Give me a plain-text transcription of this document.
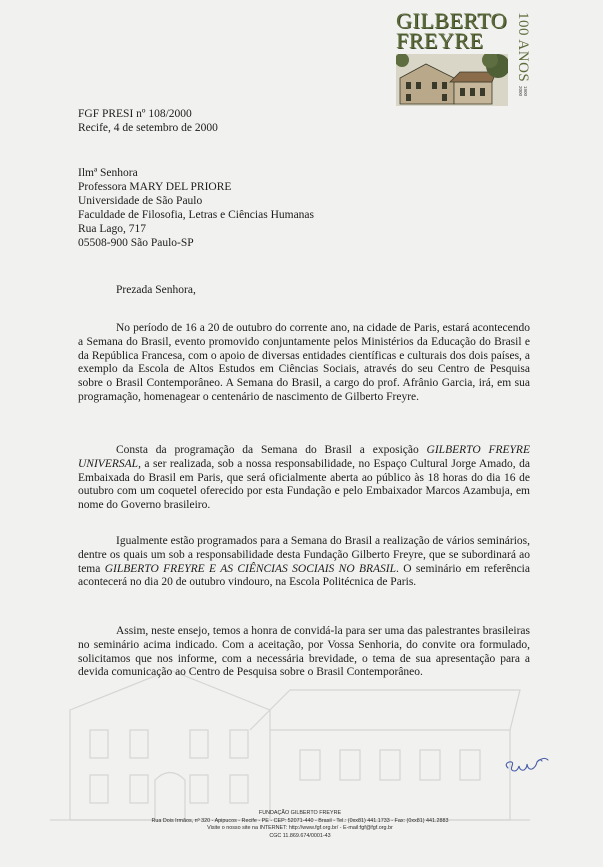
GILBERTO
FREYRE	100 ANOS
1900 2000
FGF PRESI nº 108/2000
Recife, 4 de setembro de 2000
Ilmª Senhora
Professora MARY DEL PRIORE
Universidade de São Paulo
Faculdade de Filosofia, Letras e Ciências Humanas
Rua Lago, 717
05508-900 São Paulo-SP
Prezada Senhora,
No período de 16 a 20 de outubro do corrente ano, na cidade de Paris, estará acontecendo a Semana do Brasil, evento promovido conjuntamente pelos Ministérios da Educação do Brasil e da República Francesa, com o apoio de diversas entidades científicas e culturais dos dois países, a exemplo da Escola de Altos Estudos em Ciências Sociais, através do seu Centro de Pesquisa sobre o Brasil Contemporâneo. A Semana do Brasil, a cargo do prof. Afrânio Garcia, irá, em sua programação, homenagear o centenário de nascimento de Gilberto Freyre.
Consta da programação da Semana do Brasil a exposição GILBERTO FREYRE UNIVERSAL, a ser realizada, sob a nossa responsabilidade, no Espaço Cultural Jorge Amado, da Embaixada do Brasil em Paris, que será oficialmente aberta ao público às 18 horas do dia 16 de outubro com um coquetel oferecido por esta Fundação e pelo Embaixador Marcos Azambuja, em nome do Governo brasileiro.
Igualmente estão programados para a Semana do Brasil a realização de vários seminários, dentre os quais um sob a responsabilidade desta Fundação Gilberto Freyre, que se subordinará ao tema GILBERTO FREYRE E AS CIÊNCIAS SOCIAIS NO BRASIL. O seminário em referência acontecerá no dia 20 de outubro vindouro, na Escola Politécnica de Paris.
Assim, neste ensejo, temos a honra de convidá-la para ser uma das palestrantes brasileiras no seminário acima indicado. Com a aceitação, por Vossa Senhoria, do convite ora formulado, solicitamos que nos informe, com a necessária brevidade, o tema de sua apresentação para a devida comunicação ao Centro de Pesquisa sobre o Brasil Contemporâneo.
FUNDAÇÃO GILBERTO FREYRE
Rua Dois Irmãos, nº 320 - Apipucos - Recife - PE - CEP: 52071-440 - Brasil - Tel.: (0xx81) 441.1733 - Fax: (0xx81) 441.2883
Visite o nosso site na INTERNET: http://www.fgf.org.br/ - E-mail:fgf@fgf.org.br
CGC 11.869.674/0001-43
